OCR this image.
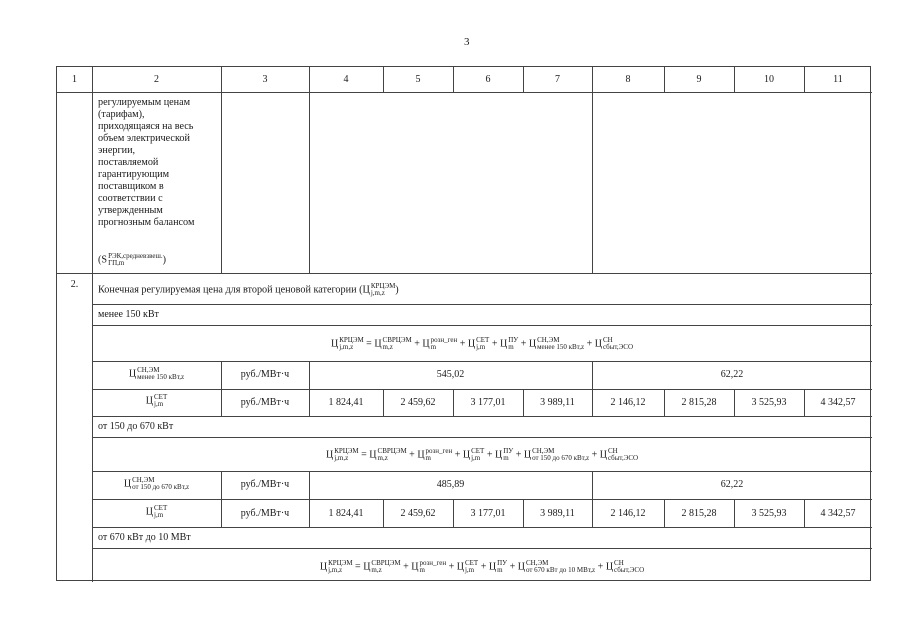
3
1	2	3	4	5	6	7	8	9	10	11
регулируемым ценам
(тарифам),
приходящаяся на весь
объем электрической
энергии,
поставляемой
гарантирующим
поставщиком в
соответствии с
утвержденным
прогнозным балансом
(S РЭК,средневзвеш.
ГП,m	)
2.	Конечная регулируемая цена для второй ценовой категории (Ц КРЦЭМ
j,m,z	)
менее 150 кВт
Ц КРЦЭМ
j,m,z	= Ц СВРЦЭМ
m,z	+ Ц розн_ген
m	+ Ц СЕТ
j,m + Ц ПУ
m + Ц СН,ЭМ
менее 150 кВт,z + Ц СН
сбыт,ЭСО
Ц СН,ЭМ
менее 150 кВт,z	руб./МВт·ч	545,02	62,22
Ц СЕТ
j,m	руб./МВт·ч	1 824,41	2 459,62	3 177,01	3 989,11	2 146,12	2 815,28	3 525,93	4 342,57
от 150 до 670 кВт
Ц КРЦЭМ
j,m,z	= Ц СВРЦЭМ
m,z	+ Ц розн_ген
m	+ Ц СЕТ
j,m + Ц ПУ
m + Ц СН,ЭМ
от 150 до 670 кВт,z + Ц СН
сбыт,ЭСО
Ц СН,ЭМ
от 150 до 670 кВт,z	руб./МВт·ч	485,89	62,22
Ц СЕТ
j,m	руб./МВт·ч	1 824,41	2 459,62	3 177,01	3 989,11	2 146,12	2 815,28	3 525,93	4 342,57
от 670 кВт до 10 МВт
Ц КРЦЭМ
j,m,z	= Ц СВРЦЭМ
m,z	+ Ц розн_ген
m	+ Ц СЕТ
j,m + Ц ПУ
m + Ц СН,ЭМ
от 670 кВт до 10 МВт,z + Ц СН
сбыт,ЭСО
